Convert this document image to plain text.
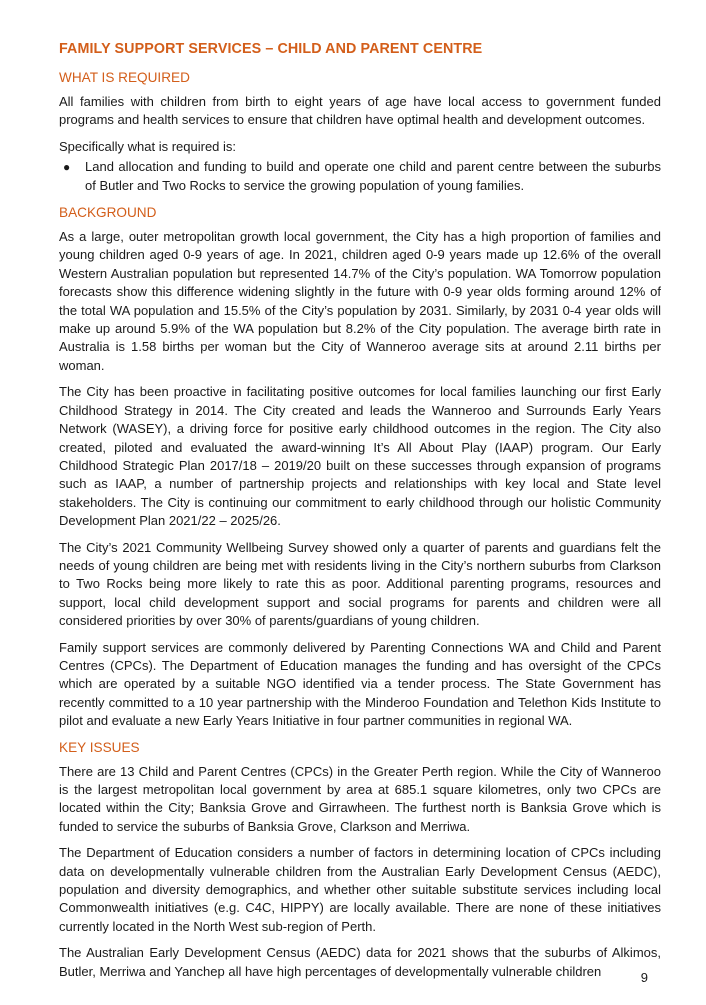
FAMILY SUPPORT SERVICES – CHILD AND PARENT CENTRE
WHAT IS REQUIRED

All families with children from birth to eight years of age have local access to government funded programs and health services to ensure that children have optimal health and development outcomes.

Specifically what is required is:

● Land allocation and funding to build and operate one child and parent centre between the suburbs of Butler and Two Rocks to service the growing population of young families.
BACKGROUND

As a large, outer metropolitan growth local government, the City has a high proportion of families and young children aged 0-9 years of age. In 2021, children aged 0-9 years made up 12.6% of the overall Western Australian population but represented 14.7% of the City’s population. WA Tomorrow population forecasts show this difference widening slightly in the future with 0-9 year olds forming around 12% of the total WA population and 15.5% of the City’s population by 2031. Similarly, by 2031 0-4 year olds will make up around 5.9% of the WA population but 8.2% of the City population. The average birth rate in Australia is 1.58 births per woman but the City of Wanneroo average sits at around 2.11 births per woman.

The City has been proactive in facilitating positive outcomes for local families launching our first Early Childhood Strategy in 2014. The City created and leads the Wanneroo and Surrounds Early Years Network (WASEY), a driving force for positive early childhood outcomes in the region. The City also created, piloted and evaluated the award-winning It’s All About Play (IAAP) program. Our Early Childhood Strategic Plan 2017/18 – 2019/20 built on these successes through expansion of programs such as IAAP, a number of partnership projects and relationships with key local and State level stakeholders. The City is continuing our commitment to early childhood through our holistic Community Development Plan 2021/22 – 2025/26.

The City’s 2021 Community Wellbeing Survey showed only a quarter of parents and guardians felt the needs of young children are being met with residents living in the City’s northern suburbs from Clarkson to Two Rocks being more likely to rate this as poor. Additional parenting programs, resources and support, local child development support and social programs for parents and children were all considered priorities by over 30% of parents/guardians of young children.

Family support services are commonly delivered by Parenting Connections WA and Child and Parent Centres (CPCs). The Department of Education manages the funding and has oversight of the CPCs which are operated by a suitable NGO identified via a tender process. The State Government has recently committed to a 10 year partnership with the Minderoo Foundation and Telethon Kids Institute to pilot and evaluate a new Early Years Initiative in four partner communities in regional WA.

KEY ISSUES

There are 13 Child and Parent Centres (CPCs) in the Greater Perth region. While the City of Wanneroo is the largest metropolitan local government by area at 685.1 square kilometres, only two CPCs are located within the City; Banksia Grove and Girrawheen. The furthest north is Banksia Grove which is funded to service the suburbs of Banksia Grove, Clarkson and Merriwa.

The Department of Education considers a number of factors in determining location of CPCs including data on developmentally vulnerable children from the Australian Early Development Census (AEDC), population and diversity demographics, and whether other suitable substitute services including local Commonwealth initiatives (e.g. C4C, HIPPY) are locally available. There are none of these initiatives currently located in the North West sub-region of Perth.

The Australian Early Development Census (AEDC) data for 2021 shows that the suburbs of Alkimos, Butler, Merriwa and Yanchep all have high percentages of developmentally vulnerable children	9
